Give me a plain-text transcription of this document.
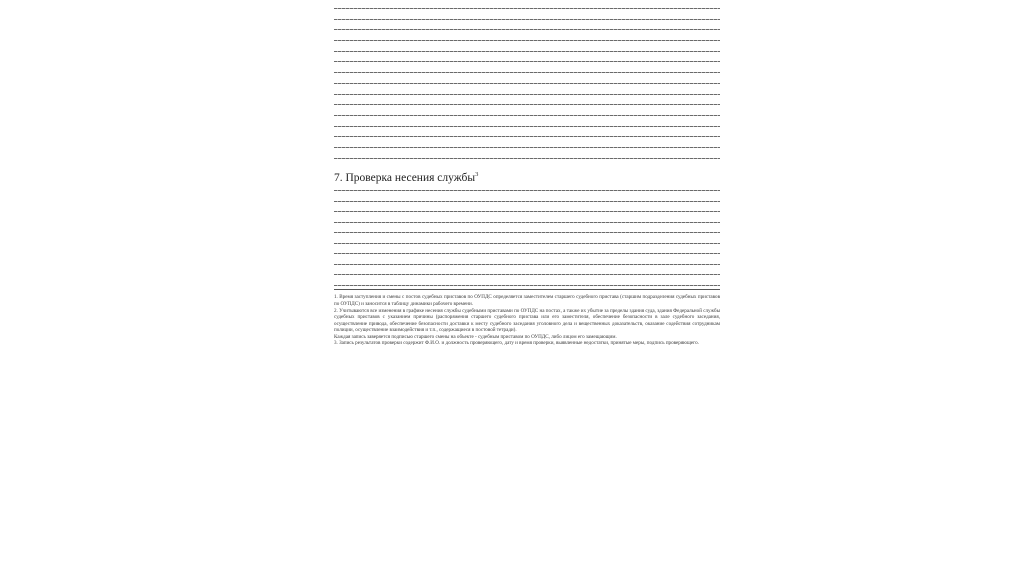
7. Проверка несения службы$^3$

1. Время заступления и смены с постов судебных приставов по ОУПДС определяется заместителем старшего судебного пристава (старшим подразделения судебных приставов по ОУПДС) и заносится в таблицу динамики рабочего времени.

2. Учитываются все изменения в графике несения службы судебными приставами по ОУПДС на постах, а также их убытие за пределы здания суда, здания Федеральной службы судебных приставов с указанием причины (распоряжения старшего судебного пристава или его заместителя, обеспечение безопасности в зале судебного заседания, осуществление привода, обеспечение безопасности доставки к месту судебного заседания уголовного дела и вещественных доказательств, оказание содействия сотрудникам полиции, осуществление взаимодействия и т.п., содержащиеся в постовой тетради).

Каждая запись заверяется подписью старшего смены на объекте - судебным приставом по ОУПДС, либо лицом его замещающим.

3. Запись результатов проверки содержит Ф.И.О. и должность проверяющего, дату и время проверки, выявленные недостатки, принятые меры, подпись проверяющего.
